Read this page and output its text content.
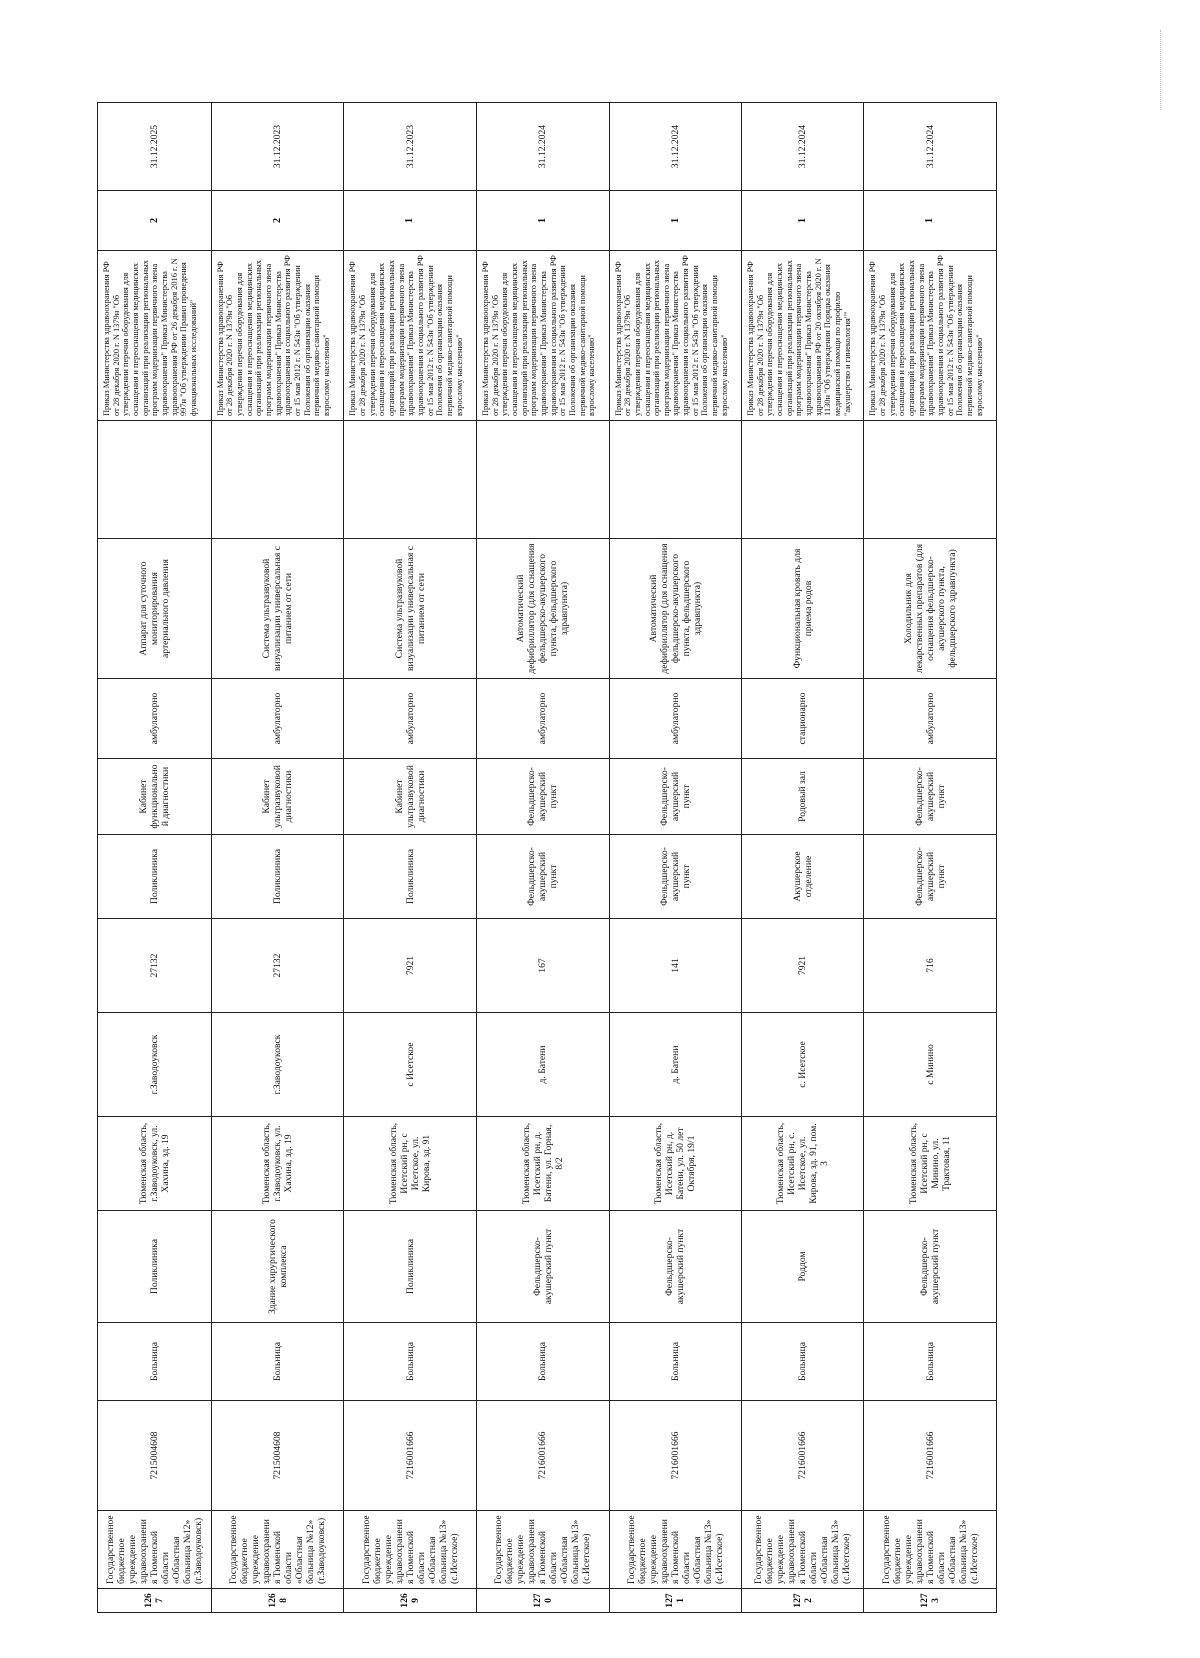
1267	Государственное бюджетное учреждение здравоохранения Тюменской области «Областная больница №12» (г.Заводоуковск)	7215004608	Больница	Поликлиника	Тюменская область, г.Заводоуковск, ул. Хахина, зд. 19	г.Заводоуковск	27132	Поликлиника	Кабинет функциональной диагностики	амбулаторно	Аппарат для суточного мониторирования артериального давления		Приказ Министерства здравоохранения РФ от 28 декабря 2020 г. N 1379н "Об утверждении перечня оборудования для оснащения и переоснащения медицинских организаций при реализации региональных программ модернизации первичного звена здравоохранения" Приказ Министерства здравоохранения РФ от 26 декабря 2016 г. N 997н "Об утверждении Правил проведения функциональных исследований"	2	31.12.2025
1268	Государственное бюджетное учреждение здравоохранения Тюменской области «Областная больница №12» (г.Заводоуковск)	7215004608	Больница	Здание хирургического комплекса	Тюменская область, г.Заводоуковск, ул. Хахина, зд. 19	г.Заводоуковск	27132	Поликлиника	Кабинет ультразвуковой диагностики	амбулаторно	Система ультразвуковой визуализации универсальная с питанием от сети		Приказ Министерства здравоохранения РФ от 28 декабря 2020 г. N 1379н "Об утверждении перечня оборудования для оснащения и переоснащения медицинских организаций при реализации региональных программ модернизации первичного звена здравоохранения" Приказ Министерства здравоохранения и социального развития РФ от 15 мая 2012 г. N 543н "Об утверждении Положения об организации оказания первичной медико-санитарной помощи взрослому населению"	2	31.12.2023
1269	Государственное бюджетное учреждение здравоохранения Тюменской области «Областная больница №13» (с.Исетское)	7216001666	Больница	Поликлиника	Тюменская область, Исетский рн, с Исетское, ул. Кирова, зд. 91	с Исетское	7921	Поликлиника	Кабинет ультразвуковой диагностики	амбулаторно	Система ультразвуковой визуализации универсальная с питанием от сети		Приказ Министерства здравоохранения РФ от 28 декабря 2020 г. N 1379н "Об утверждении перечня оборудования для оснащения и переоснащения медицинских организаций при реализации региональных программ модернизации первичного звена здравоохранения" Приказ Министерства здравоохранения и социального развития РФ от 15 мая 2012 г. N 543н "Об утверждении Положения об организации оказания первичной медико-санитарной помощи взрослому населению"	1	31.12.2023
1270	Государственное бюджетное учреждение здравоохранения Тюменской области «Областная больница №13» (с.Исетское)	7216001666	Больница	Фельдшерско-акушерский пункт	Тюменская область, Исетский рн, д. Батени, ул. Горная, 8/2	д. Батени	167	Фельдшерско-акушерский пункт	Фельдшерско-акушерский пункт	амбулаторно	Автоматический дефибриллятор (для оснащения фельдшерско-акушерского пункта, фельдшерского здравпункта)		Приказ Министерства здравоохранения РФ от 28 декабря 2020 г. N 1379н "Об утверждении перечня оборудования для оснащения и переоснащения медицинских организаций при реализации региональных программ модернизации первичного звена здравоохранения" Приказ Министерства здравоохранения и социального развития РФ от 15 мая 2012 г. N 543н "Об утверждении Положения об организации оказания первичной медико-санитарной помощи взрослому населению"	1	31.12.2024
1271	Государственное бюджетное учреждение здравоохранения Тюменской области «Областная больница №13» (с.Исетское)	7216001666	Больница	Фельдшерско-акушерский пункт	Тюменская область, Исетский рн, д. Батени, ул. 50 лет Октября, 19/1	д. Батени	141	Фельдшерско-акушерский пункт	Фельдшерско-акушерский пункт	амбулаторно	Автоматический дефибриллятор (для оснащения фельдшерско-акушерского пункта, фельдшерского здравпункта)		Приказ Министерства здравоохранения РФ от 28 декабря 2020 г. N 1379н "Об утверждении перечня оборудования для оснащения и переоснащения медицинских организаций при реализации региональных программ модернизации первичного звена здравоохранения" Приказ Министерства здравоохранения и социального развития РФ от 15 мая 2012 г. N 543н "Об утверждении Положения об организации оказания первичной медико-санитарной помощи взрослому населению"	1	31.12.2024
1272	Государственное бюджетное учреждение здравоохранения Тюменской области «Областная больница №13» (с.Исетское)	7216001666	Больница	Роддом	Тюменская область, Исетский рн, с. Исетское, ул. Кирова, зд. 91, пом. 3	с. Исетское	7921	Акушерское отделение	Родовый зал	стационарно	Функциональная кровать для приема родов		Приказ Министерства здравоохранения РФ от 28 декабря 2020 г. N 1379н "Об утверждении перечня оборудования для оснащения и переоснащения медицинских организаций при реализации региональных программ модернизации первичного звена здравоохранения" Приказ Министерства здравоохранения РФ от 20 октября 2020 г. N 1130н "Об утверждении Порядка оказания медицинской помощи по профилю "акушерство и гинекология""	1	31.12.2024
1273	Государственное бюджетное учреждение здравоохранения Тюменской области «Областная больница №13» (с.Исетское)	7216001666	Больница	Фельдшерско-акушерский пункт	Тюменская область, Исетский рн, с Минино, ул. Трактовая, 11	с Минино	716	Фельдшерско-акушерский пункт	Фельдшерско-акушерский пункт	амбулаторно	Холодильник для лекарственных препаратов (для оснащения фельдшерско-акушерского пункта, фельдшерского здравпункта)		Приказ Министерства здравоохранения РФ от 28 декабря 2020 г. N 1379н "Об утверждении перечня оборудования для оснащения и переоснащения медицинских организаций при реализации региональных программ модернизации первичного звена здравоохранения" Приказ Министерства здравоохранения и социального развития РФ от 15 мая 2012 г. N 543н "Об утверждении Положения об организации оказания первичной медико-санитарной помощи взрослому населению"	1	31.12.2024
